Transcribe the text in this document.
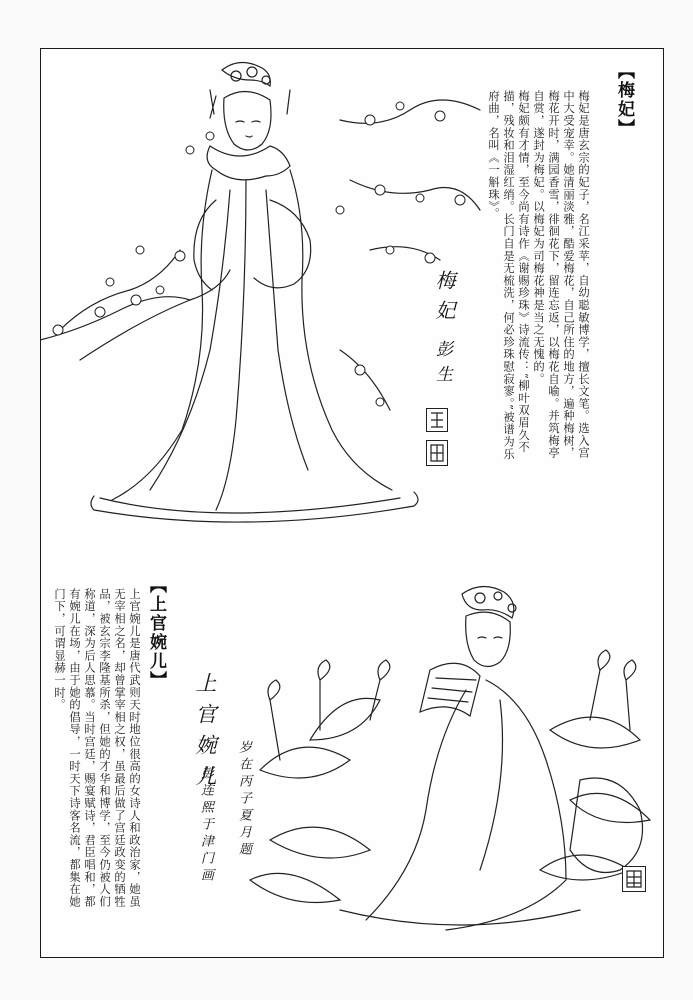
【梅妃】
梅妃是唐玄宗的妃子，名江采苹，自幼聪敏博学，擅长文笔。选入宫中大受宠幸。她清丽淡雅，酷爱梅花，自己所住的地方，遍种梅树，梅花开时，满园香雪，徘徊花下，留连忘返，以梅花自喻。并筑梅亭自赏，遂封为梅妃。以梅妃为司梅花神是当之无愧的。
梅妃颇有才情，至今尚有诗作《谢赐珍珠》诗流传：“柳叶双眉久不描，残妆和泪湿红绡。长门自是无梳洗，何必珍珠慰寂寥。”被谱为乐府曲，名叫《一斛珠》。
梅妃
彭生
【上官婉儿】
上官婉儿是唐代武则天时地位很高的女诗人和政治家，她虽无宰相之名，却曾掌宰相之权，虽最后做了宫廷政变的牺牲品，被玄宗李隆基所杀，但她的才华和博学，至今仍被人们称道，深为后人思慕。当时宫廷，赐宴赋诗，君臣唱和，都有婉儿在场，由于她的倡导，一时天下诗客名流，都集在她门下，可谓显赫一时。
上官婉儿
岁在丙子夏月题
彭连熙于津门画
